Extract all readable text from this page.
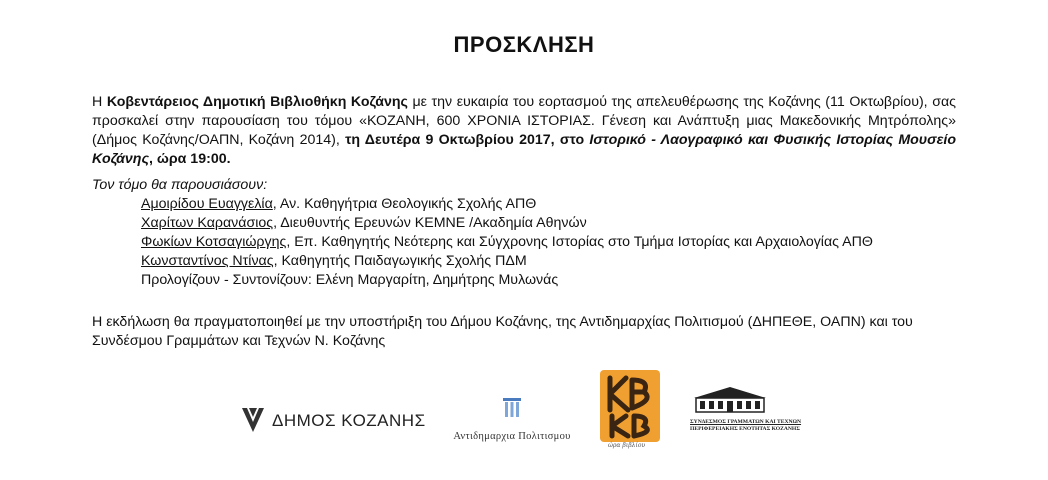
ΠΡΟΣΚΛΗΣΗ
Η Κοβεντάρειος Δημοτική Βιβλιοθήκη Κοζάνης με την ευκαιρία του εορτασμού της απελευθέρωσης της Κοζάνης (11 Οκτωβρίου), σας προσκαλεί στην παρουσίαση του τόμου «ΚΟΖΑΝΗ, 600 ΧΡΟΝΙΑ ΙΣΤΟΡΙΑΣ. Γένεση και Ανάπτυξη μιας Μακεδονικής Μητρόπολης» (Δήμος Κοζάνης/ΟΑΠΝ, Κοζάνη 2014), τη Δευτέρα 9 Οκτωβρίου 2017, στο Ιστορικό - Λαογραφικό και Φυσικής Ιστορίας Μουσείο Κοζάνης, ώρα 19:00.
Τον τόμο θα παρουσιάσουν:
Αμοιρίδου Ευαγγελία, Αν. Καθηγήτρια Θεολογικής Σχολής ΑΠΘ
Χαρίτων Καρανάσιος, Διευθυντής Ερευνών ΚΕΜΝΕ /Ακαδημία Αθηνών
Φωκίων Κοτσαγιώργης, Επ. Καθηγητής Νεότερης και Σύγχρονης Ιστορίας στο Τμήμα Ιστορίας και Αρχαιολογίας ΑΠΘ
Κωνσταντίνος Ντίνας, Καθηγητής Παιδαγωγικής Σχολής ΠΔΜ
Προλογίζουν - Συντονίζουν: Ελένη Μαργαρίτη, Δημήτρης Μυλωνάς
Η εκδήλωση θα πραγματοποιηθεί με την υποστήριξη του Δήμου Κοζάνης, της Αντιδημαρχίας Πολιτισμού (ΔΗΠΕΘΕ, ΟΑΠΝ) και του Συνδέσμου Γραμμάτων και Τεχνών Ν. Κοζάνης
ΔΗΜΟΣ ΚΟΖΑΝΗΣ
Αντιδημαρχια Πολιτισμου
ώρα βιβλίου
ΣΥΝΔΕΣΜΟΣ ΓΡΑΜΜΑΤΩΝ ΚΑΙ ΤΕΧΝΩΝ
ΠΕΡΙΦΕΡΕΙΑΚΗΣ ΕΝΟΤΗΤΑΣ ΚΟΖΑΝΗΣ
